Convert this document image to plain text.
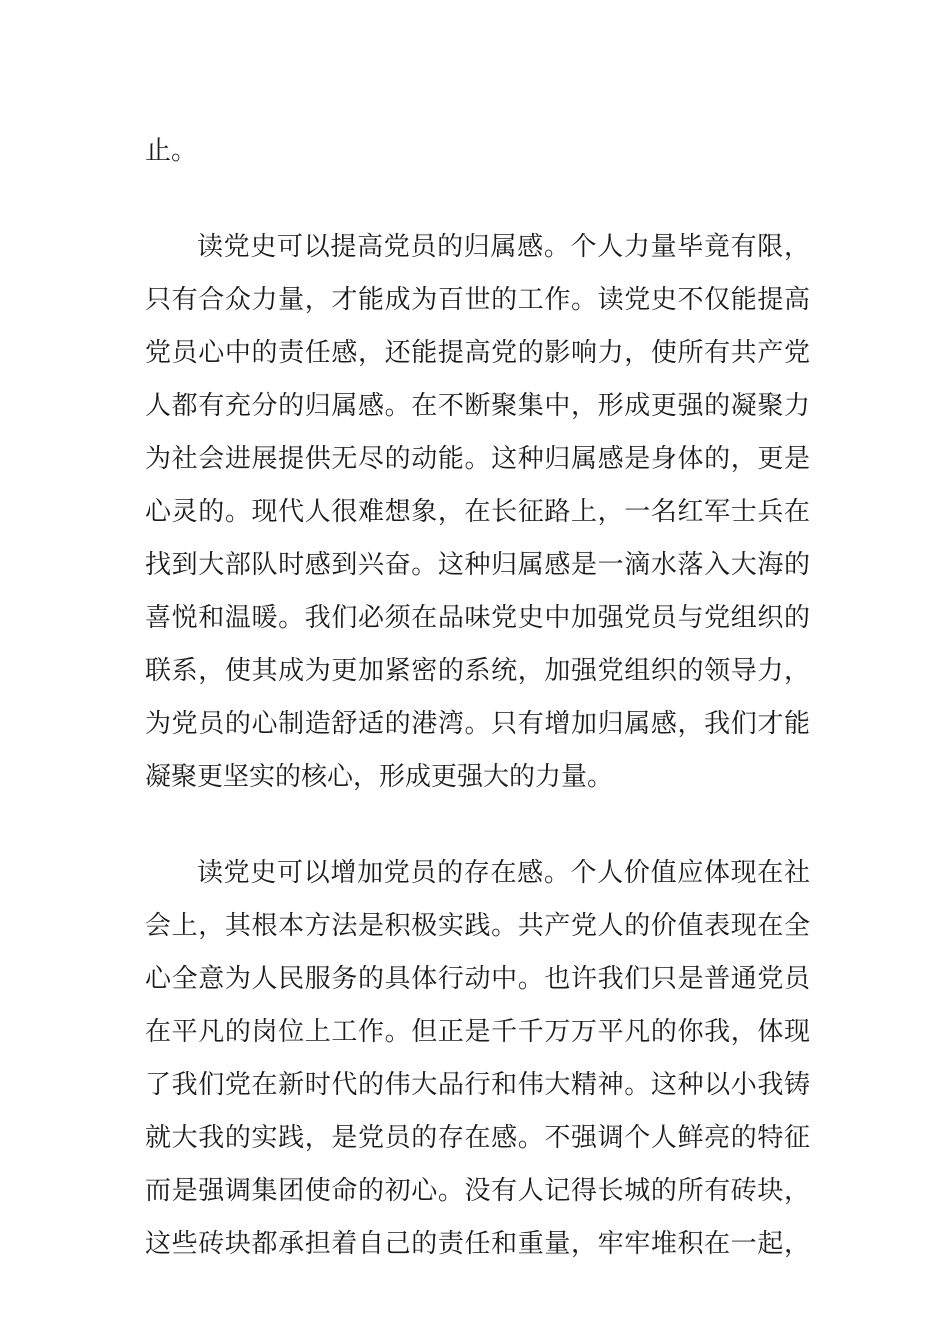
止。
读党史可以提高党员的归属感。个人力量毕竟有限，
只有合众力量，才能成为百世的工作。读党史不仅能提高
党员心中的责任感，还能提高党的影响力，使所有共产党
人都有充分的归属感。在不断聚集中，形成更强的凝聚力
为社会进展提供无尽的动能。这种归属感是身体的，更是
心灵的。现代人很难想象，在长征路上，一名红军士兵在
找到大部队时感到兴奋。这种归属感是一滴水落入大海的
喜悦和温暖。我们必须在品味党史中加强党员与党组织的
联系，使其成为更加紧密的系统，加强党组织的领导力，
为党员的心制造舒适的港湾。只有增加归属感，我们才能
凝聚更坚实的核心，形成更强大的力量。
读党史可以增加党员的存在感。个人价值应体现在社
会上，其根本方法是积极实践。共产党人的价值表现在全
心全意为人民服务的具体行动中。也许我们只是普通党员
在平凡的岗位上工作。但正是千千万万平凡的你我，体现
了我们党在新时代的伟大品行和伟大精神。这种以小我铸
就大我的实践，是党员的存在感。不强调个人鲜亮的特征
而是强调集团使命的初心。没有人记得长城的所有砖块，
这些砖块都承担着自己的责任和重量，牢牢堆积在一起，
